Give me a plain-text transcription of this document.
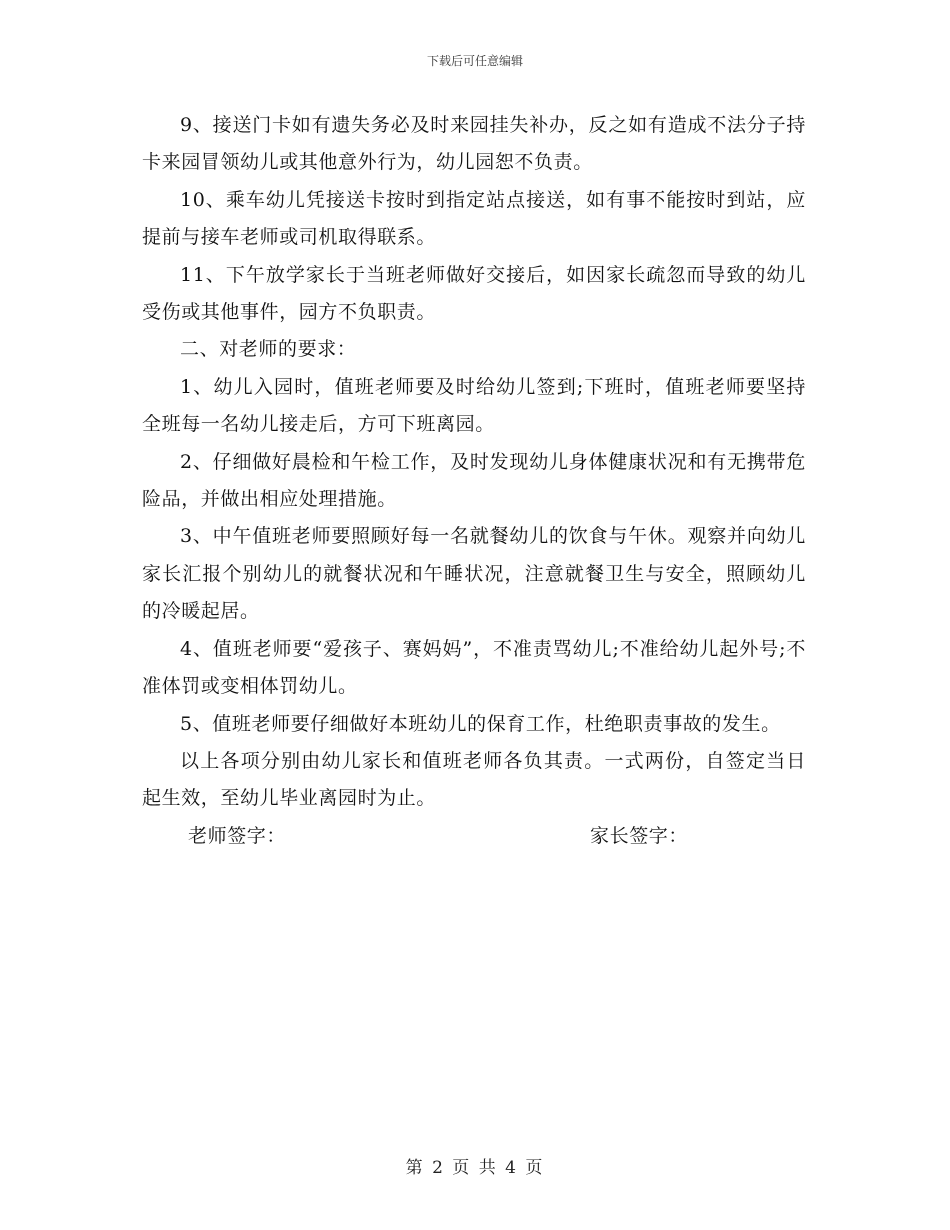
下载后可任意编辑

9、接送门卡如有遗失务必及时来园挂失补办，反之如有造成不法分子持卡来园冒领幼儿或其他意外行为，幼儿园恕不负责。

10、乘车幼儿凭接送卡按时到指定站点接送，如有事不能按时到站，应提前与接车老师或司机取得联系。

11、下午放学家长于当班老师做好交接后，如因家长疏忽而导致的幼儿受伤或其他事件，园方不负职责。

二、对老师的要求：

1、幼儿入园时，值班老师要及时给幼儿签到;下班时，值班老师要坚持全班每一名幼儿接走后，方可下班离园。

2、仔细做好晨检和午检工作，及时发现幼儿身体健康状况和有无携带危险品，并做出相应处理措施。

3、中午值班老师要照顾好每一名就餐幼儿的饮食与午休。观察并向幼儿家长汇报个别幼儿的就餐状况和午睡状况，注意就餐卫生与安全，照顾幼儿的冷暖起居。

4、值班老师要“爱孩子、赛妈妈”，不准责骂幼儿;不准给幼儿起外号;不准体罚或变相体罚幼儿。

5、值班老师要仔细做好本班幼儿的保育工作，杜绝职责事故的发生。

以上各项分别由幼儿家长和值班老师各负其责。一式两份，自签定当日起生效，至幼儿毕业离园时为止。

老师签字：	家长签字：
第 2 页 共 4 页
